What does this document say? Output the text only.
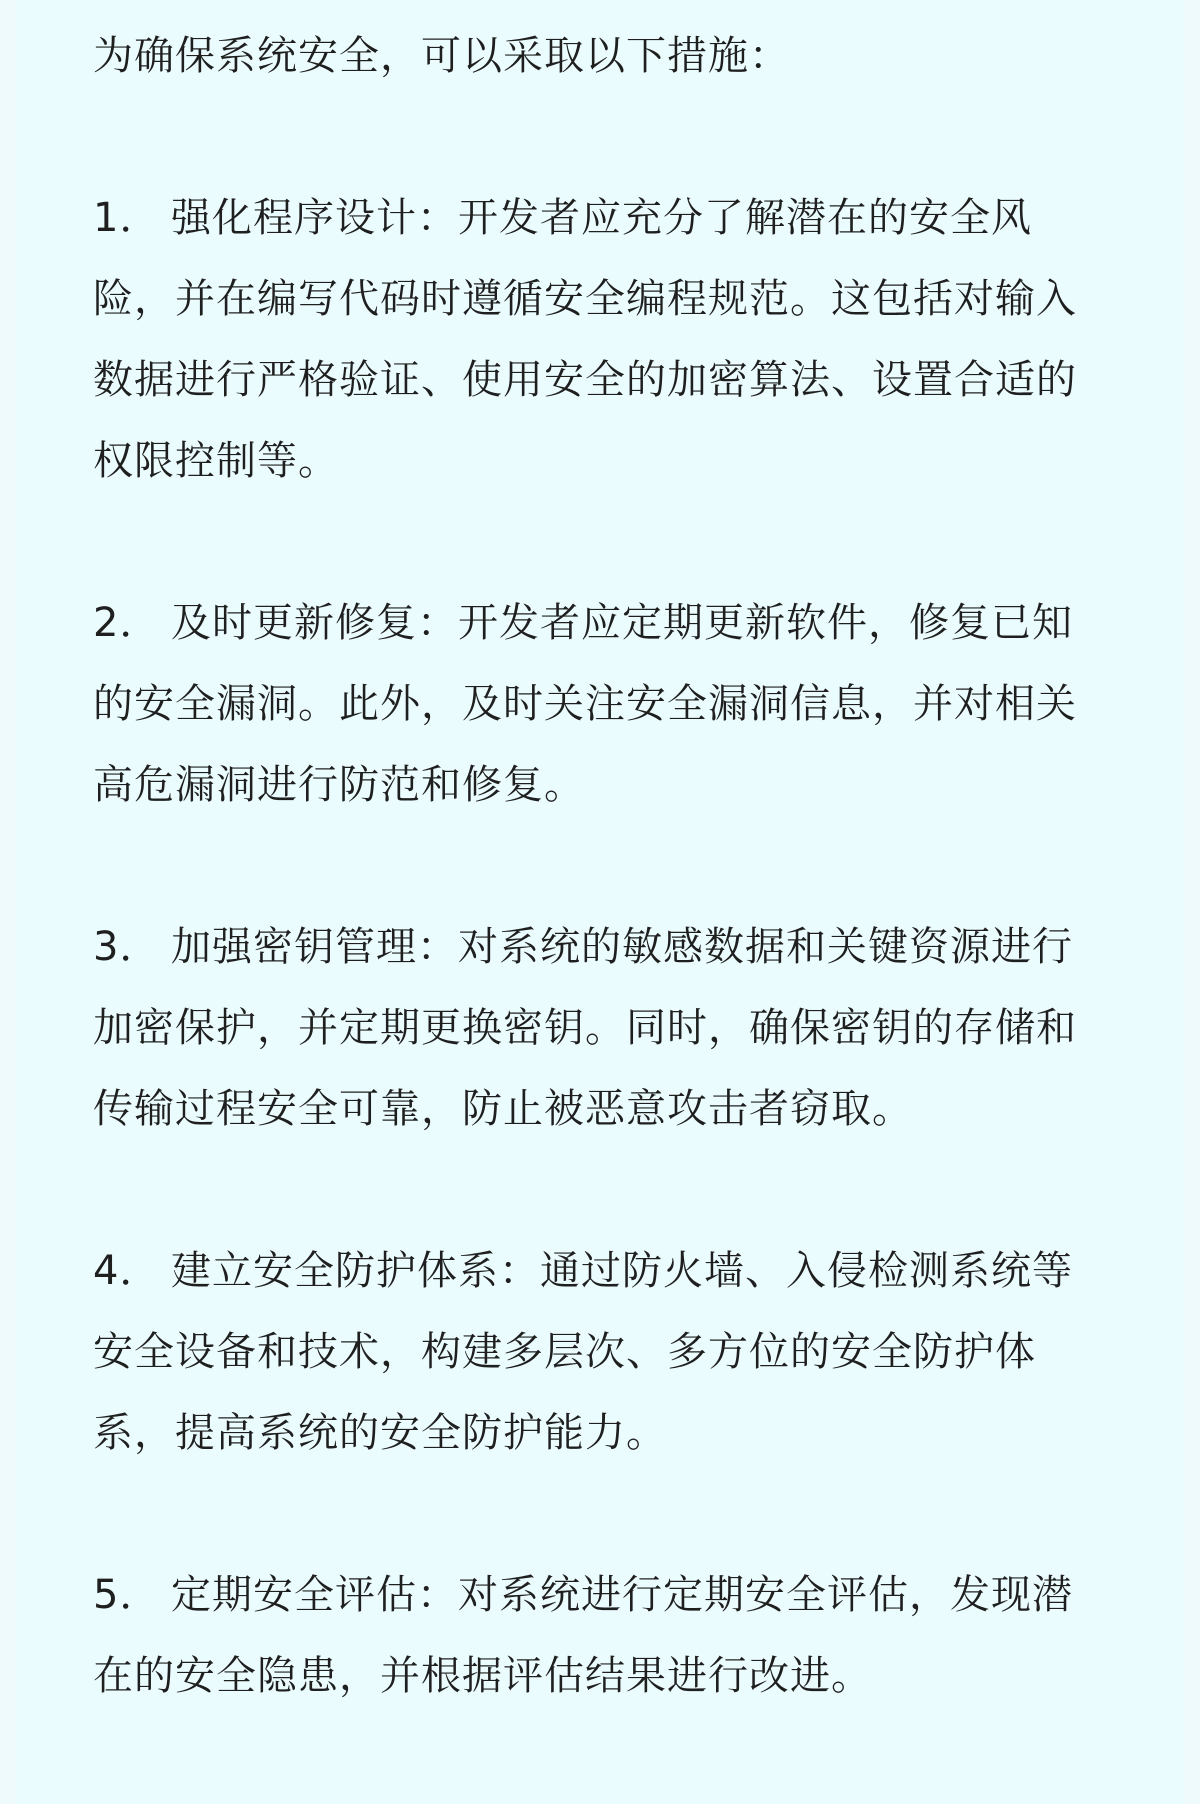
为确保系统安全，可以采取以下措施：

1． 强化程序设计：开发者应充分了解潜在的安全风险，并在编写代码时遵循安全编程规范。这包括对输入数据进行严格验证、使用安全的加密算法、设置合适的权限控制等。

2． 及时更新修复：开发者应定期更新软件，修复已知的安全漏洞。此外，及时关注安全漏洞信息，并对相关高危漏洞进行防范和修复。

3． 加强密钥管理：对系统的敏感数据和关键资源进行加密保护，并定期更换密钥。同时，确保密钥的存储和传输过程安全可靠，防止被恶意攻击者窃取。

4． 建立安全防护体系：通过防火墙、入侵检测系统等安全设备和技术，构建多层次、多方位的安全防护体系，提高系统的安全防护能力。

5． 定期安全评估：对系统进行定期安全评估，发现潜在的安全隐患，并根据评估结果进行改进。
